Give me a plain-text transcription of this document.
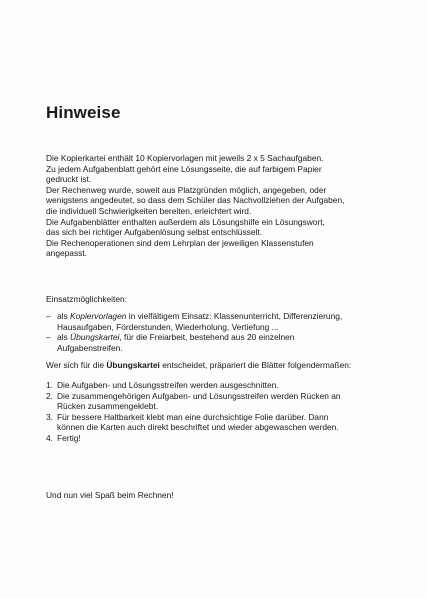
Hinweise

Die Kopierkartei enthält 10 Kopiervorlagen mit jeweils 2 x 5 Sachaufgaben.

Zu jedem Aufgabenblatt gehört eine Lösungsseite, die auf farbigem Papier

gedruckt ist.

Der Rechenweg wurde, soweit aus Platzgründen möglich, angegeben, oder

wenigstens angedeutet, so dass dem Schüler das Nachvollziehen der Aufgaben,

die individuell Schwierigkeiten bereiten, erleichtert wird.

Die Aufgabenblätter enthalten außerdem als Lösungshilfe ein Lösungswort,

das sich bei richtiger Aufgabenlösung selbst entschlüsselt.

Die Rechenoperationen sind dem Lehrplan der jeweiligen Klassenstufen

angepasst.

Einsatzmöglichkeiten:

– als Kopiervorlagen in vielfältigem Einsatz: Klassenunterricht, Differenzierung,
Hausaufgaben, Förderstunden, Wiederholung, Vertiefung ...
– als Übungskartei, für die Freiarbeit, bestehend aus 20 einzelnen
Aufgabenstreifen.

Wer sich für die Übungskartei entscheidet, präpariert die Blätter folgendermaßen:

1. Die Aufgaben- und Lösungsstreifen werden ausgeschnitten.
2. Die zusammengehörigen Aufgaben- und Lösungsstreifen werden Rücken an
Rücken zusammengeklebt.
3. Für bessere Haltbarkeit klebt man eine durchsichtige Folie darüber. Dann
können die Karten auch direkt beschriftet und wieder abgewaschen werden.
4. Fertig!

Und nun viel Spaß beim Rechnen!
